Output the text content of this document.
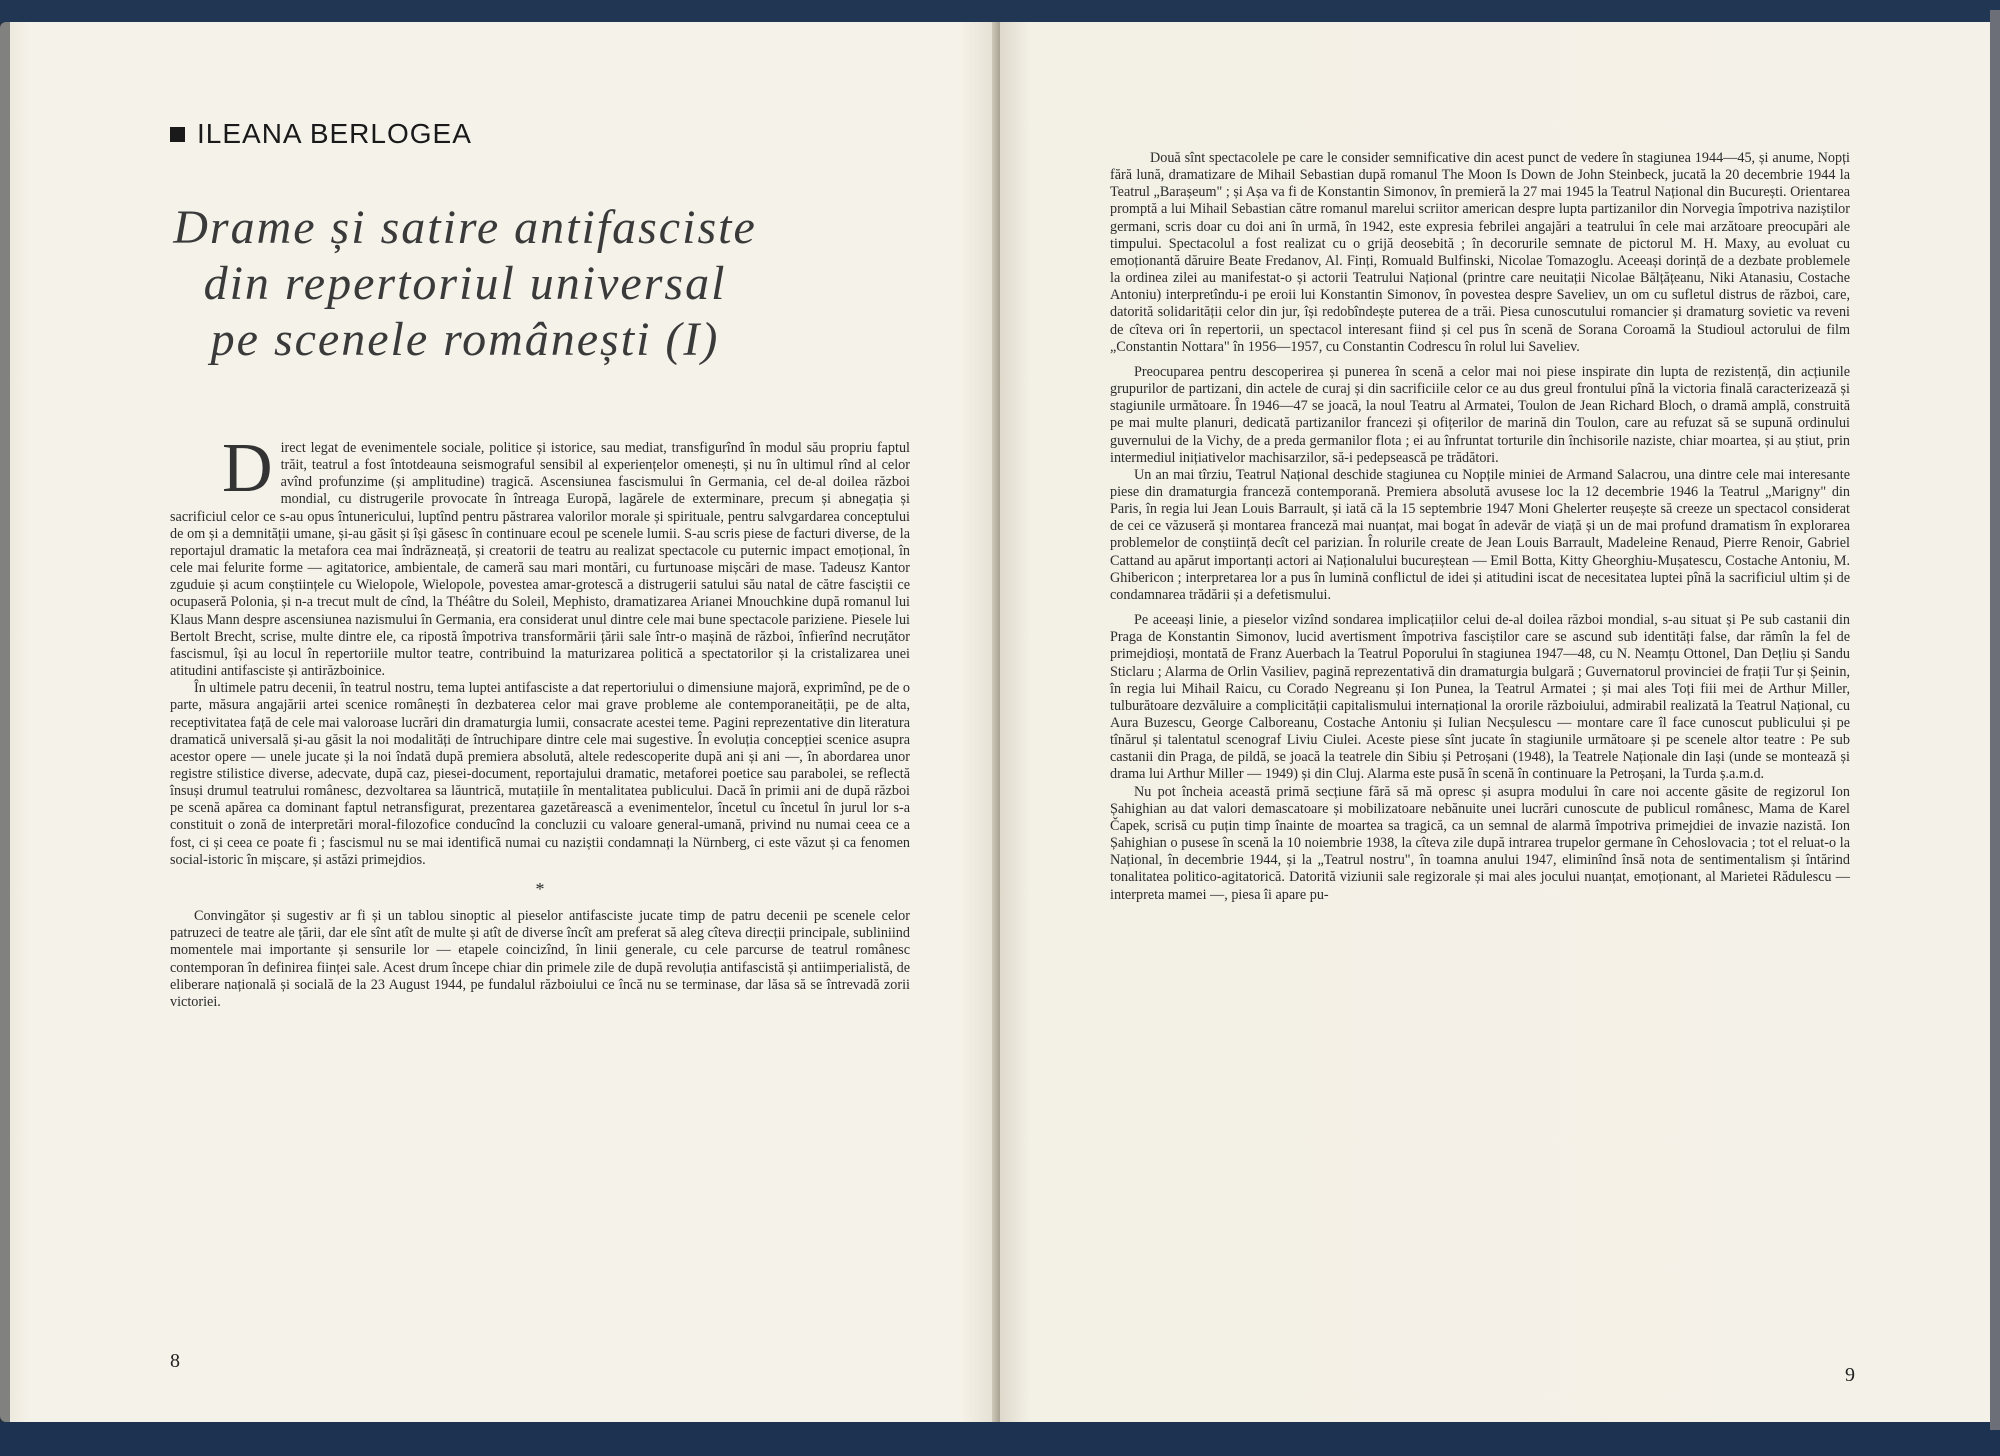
ILEANA BERLOGEA
Drame și satire antifasciste
din repertoriul universal
pe scenele românești (I)

Direct legat de evenimentele sociale, politice și istorice, sau mediat, transfigurînd în modul său propriu faptul trăit, teatrul a fost întotdeauna seismograful sensibil al experiențelor omenești, și nu în ultimul rînd al celor avînd profunzime (și amplitudine) tragică. Ascensiunea fascismului în Germania, cel de-al doilea război mondial, cu distrugerile provocate în întreaga Europă, lagărele de exterminare, precum și abnegația și sacrificiul celor ce s-au opus întunericului, luptînd pentru păstrarea valorilor morale și spirituale, pentru salvgardarea conceptului de om și a demnității umane, și-au găsit și își găsesc în continuare ecoul pe scenele lumii. S-au scris piese de facturi diverse, de la reportajul dramatic la metafora cea mai îndrăzneață, și creatorii de teatru au realizat spectacole cu puternic impact emoțional, în cele mai felurite forme — agitatorice, ambientale, de cameră sau mari montări, cu furtunoase mișcări de mase. Tadeusz Kantor zguduie și acum conștiințele cu Wielopole, Wielopole, povestea amar-grotescă a distrugerii satului său natal de către fasciștii ce ocupaseră Polonia, și n-a trecut mult de cînd, la Théâtre du Soleil, Mephisto, dramatizarea Arianei Mnouchkine după romanul lui Klaus Mann despre ascensiunea nazismului în Germania, era considerat unul dintre cele mai bune spectacole pariziene. Piesele lui Bertolt Brecht, scrise, multe dintre ele, ca ripostă împotriva transformării țării sale într-o mașină de război, înfierînd necruțător fascismul, își au locul în repertoriile multor teatre, contribuind la maturizarea politică a spectatorilor și la cristalizarea unei atitudini antifasciste și antirăzboinice.

În ultimele patru decenii, în teatrul nostru, tema luptei antifasciste a dat repertoriului o dimensiune majoră, exprimînd, pe de o parte, măsura angajării artei scenice românești în dezbaterea celor mai grave probleme ale contemporaneității, pe de alta, receptivitatea față de cele mai valoroase lucrări din dramaturgia lumii, consacrate acestei teme. Pagini reprezentative din literatura dramatică universală și-au găsit la noi modalități de întruchipare dintre cele mai sugestive. În evoluția concepției scenice asupra acestor opere — unele jucate și la noi îndată după premiera absolută, altele redescoperite după ani și ani —, în abordarea unor registre stilistice diverse, adecvate, după caz, piesei-document, reportajului dramatic, metaforei poetice sau parabolei, se reflectă însuși drumul teatrului românesc, dezvoltarea sa lăuntrică, mutațiile în mentalitatea publicului. Dacă în primii ani de după război pe scenă apărea ca dominant faptul netransfigurat, prezentarea gazetărească a evenimentelor, încetul cu încetul în jurul lor s-a constituit o zonă de interpretări moral-filozofice conducînd la concluzii cu valoare general-umană, privind nu numai ceea ce a fost, ci și ceea ce poate fi ; fascismul nu se mai identifică numai cu naziștii condamnați la Nürnberg, ci este văzut și ca fenomen social-istoric în mișcare, și astăzi primejdios.

*

Convingător și sugestiv ar fi și un tablou sinoptic al pieselor antifasciste jucate timp de patru decenii pe scenele celor patruzeci de teatre ale țării, dar ele sînt atît de multe și atît de diverse încît am preferat să aleg cîteva direcții principale, subliniind momentele mai importante și sensurile lor — etapele coincizînd, în linii generale, cu cele parcurse de teatrul românesc contemporan în definirea ființei sale. Acest drum începe chiar din primele zile de după revoluția antifascistă și antiimperialistă, de eliberare națională și socială de la 23 August 1944, pe fundalul războiului ce încă nu se terminase, dar lăsa să se întrevadă zorii victoriei.

8

Două sînt spectacolele pe care le consider semnificative din acest punct de vedere în stagiunea 1944—45, și anume, Nopți fără lună, dramatizare de Mihail Sebastian după romanul The Moon Is Down de John Steinbeck, jucată la 20 decembrie 1944 la Teatrul „Barașeum" ; și Așa va fi de Konstantin Simonov, în premieră la 27 mai 1945 la Teatrul Național din București. Orientarea promptă a lui Mihail Sebastian către romanul marelui scriitor american despre lupta partizanilor din Norvegia împotriva naziștilor germani, scris doar cu doi ani în urmă, în 1942, este expresia febrilei angajări a teatrului în cele mai arzătoare preocupări ale timpului. Spectacolul a fost realizat cu o grijă deosebită ; în decorurile semnate de pictorul M. H. Maxy, au evoluat cu emoționantă dăruire Beate Fredanov, Al. Finți, Romuald Bulfinski, Nicolae Tomazoglu. Aceeași dorință de a dezbate problemele la ordinea zilei au manifestat-o și actorii Teatrului Național (printre care neuitații Nicolae Bălțățeanu, Niki Atanasiu, Costache Antoniu) interpretîndu-i pe eroii lui Konstantin Simonov, în povestea despre Saveliev, un om cu sufletul distrus de război, care, datorită solidarității celor din jur, își redobîndește puterea de a trăi. Piesa cunoscutului romancier și dramaturg sovietic va reveni de cîteva ori în repertorii, un spectacol interesant fiind și cel pus în scenă de Sorana Coroamă la Studioul actorului de film „Constantin Nottara" în 1956—1957, cu Constantin Codrescu în rolul lui Saveliev.

Preocuparea pentru descoperirea și punerea în scenă a celor mai noi piese inspirate din lupta de rezistență, din acțiunile grupurilor de partizani, din actele de curaj și din sacrificiile celor ce au dus greul frontului pînă la victoria finală caracterizează și stagiunile următoare. În 1946—47 se joacă, la noul Teatru al Armatei, Toulon de Jean Richard Bloch, o dramă amplă, construită pe mai multe planuri, dedicată partizanilor francezi și ofițerilor de marină din Toulon, care au refuzat să se supună ordinului guvernului de la Vichy, de a preda germanilor flota ; ei au înfruntat torturile din închisorile naziste, chiar moartea, și au știut, prin intermediul inițiativelor machisarzilor, să-i pedepsească pe trădători.

Un an mai tîrziu, Teatrul Național deschide stagiunea cu Nopțile miniei de Armand Salacrou, una dintre cele mai interesante piese din dramaturgia franceză contemporană. Premiera absolută avusese loc la 12 decembrie 1946 la Teatrul „Marigny" din Paris, în regia lui Jean Louis Barrault, și iată că la 15 septembrie 1947 Moni Ghelerter reușește să creeze un spectacol considerat de cei ce văzuseră și montarea franceză mai nuanțat, mai bogat în adevăr de viață și un de mai profund dramatism în explorarea problemelor de conștiință decît cel parizian. În rolurile create de Jean Louis Barrault, Madeleine Renaud, Pierre Renoir, Gabriel Cattand au apărut importanți actori ai Naționalului bucureștean — Emil Botta, Kitty Gheorghiu-Mușatescu, Costache Antoniu, M. Ghibericon ; interpretarea lor a pus în lumină conflictul de idei și atitudini iscat de necesitatea luptei pînă la sacrificiul ultim și de condamnarea trădării și a defetismului.

Pe aceeași linie, a pieselor vizînd sondarea implicațiilor celui de-al doilea război mondial, s-au situat și Pe sub castanii din Praga de Konstantin Simonov, lucid avertisment împotriva fasciștilor care se ascund sub identități false, dar rămîn la fel de primejdioși, montată de Franz Auerbach la Teatrul Poporului în stagiunea 1947—48, cu N. Neamțu Ottonel, Dan Dețliu și Sandu Sticlaru ; Alarma de Orlin Vasiliev, pagină reprezentativă din dramaturgia bulgară ; Guvernatorul provinciei de frații Tur și Șeinin, în regia lui Mihail Raicu, cu Corado Negreanu și Ion Punea, la Teatrul Armatei ; și mai ales Toți fiii mei de Arthur Miller, tulburătoare dezvăluire a complicității capitalismului internațional la ororile războiului, admirabil realizată la Teatrul Național, cu Aura Buzescu, George Calboreanu, Costache Antoniu și Iulian Necșulescu — montare care îl face cunoscut publicului și pe tînărul și talentatul scenograf Liviu Ciulei. Aceste piese sînt jucate în stagiunile următoare și pe scenele altor teatre : Pe sub castanii din Praga, de pildă, se joacă la teatrele din Sibiu și Petroșani (1948), la Teatrele Naționale din Iași (unde se montează și drama lui Arthur Miller — 1949) și din Cluj. Alarma este pusă în scenă în continuare la Petroșani, la Turda ș.a.m.d.

Nu pot încheia această primă secțiune fără să mă opresc și asupra modului în care noi accente găsite de regizorul Ion Șahighian au dat valori demascatoare și mobilizatoare nebănuite unei lucrări cunoscute de publicul românesc, Mama de Karel Čapek, scrisă cu puțin timp înainte de moartea sa tragică, ca un semnal de alarmă împotriva primejdiei de invazie nazistă. Ion Șahighian o pusese în scenă la 10 noiembrie 1938, la cîteva zile după intrarea trupelor germane în Cehoslovacia ; tot el reluat-o la Național, în decembrie 1944, și la „Teatrul nostru", în toamna anului 1947, eliminînd însă nota de sentimentalism și întărind tonalitatea politico-agitatorică. Datorită viziunii sale regizorale și mai ales jocului nuanțat, emoționant, al Marietei Rădulescu — interpreta mamei —, piesa îi apare pu-

9
